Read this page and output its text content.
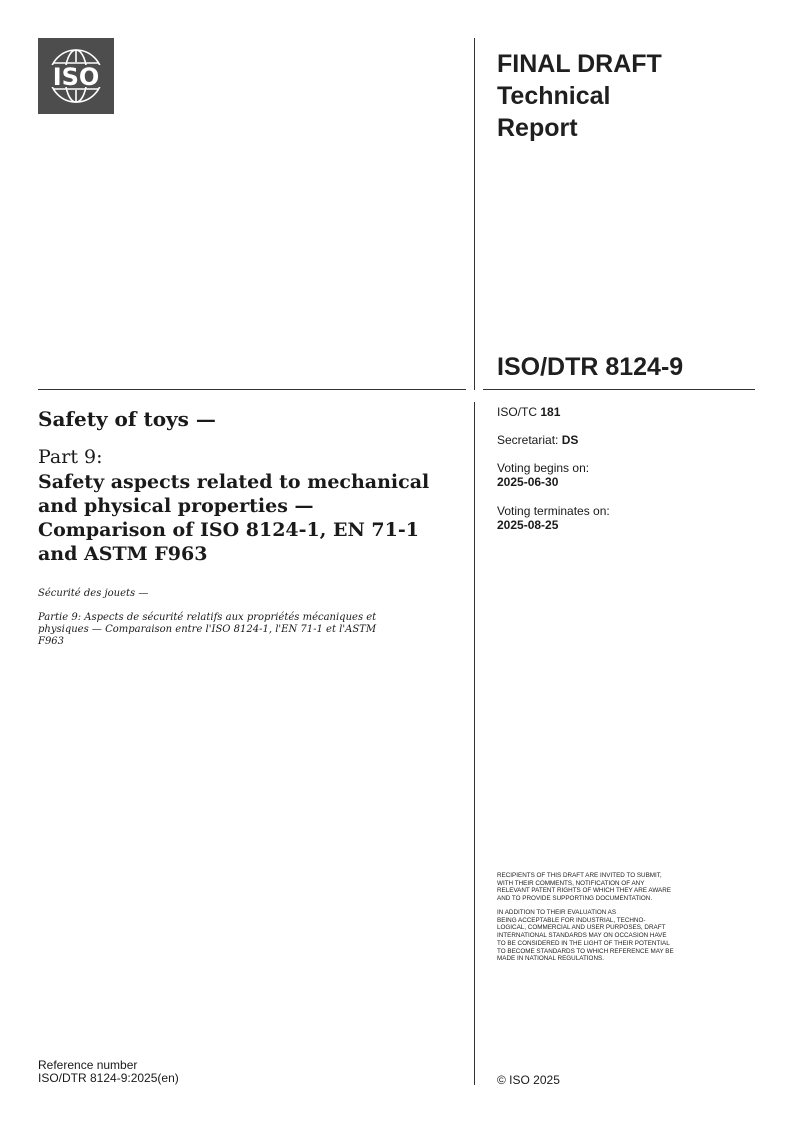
ISO	FINAL DRAFT
Technical
Report
ISO/DTR 8124-9
Safety of toys —
Part 9:
Safety aspects related to mechanical
and physical properties —
Comparison of ISO 8124-1, EN 71-1
and ASTM F963
Sécurité des jouets —
Partie 9: Aspects de sécurité relatifs aux propriétés mécaniques et
physiques — Comparaison entre l'ISO 8124-1, l'EN 71-1 et l'ASTM
F963
ISO/TC 181
Secretariat: DS
Voting begins on:
2025-06-30
Voting terminates on:
2025-08-25
RECIPIENTS OF THIS DRAFT ARE INVITED TO SUBMIT,
WITH THEIR COMMENTS, NOTIFICATION OF ANY
RELEVANT PATENT RIGHTS OF WHICH THEY ARE AWARE
AND TO PROVIDE SUPPORTING DOCUMENTATION.
IN ADDITION TO THEIR EVALUATION AS
BEING ACCEPTABLE FOR INDUSTRIAL, TECHNO-
LOGICAL, COMMERCIAL AND USER PURPOSES, DRAFT
INTERNATIONAL STANDARDS MAY ON OCCASION HAVE
TO BE CONSIDERED IN THE LIGHT OF THEIR POTENTIAL
TO BECOME STANDARDS TO WHICH REFERENCE MAY BE
MADE IN NATIONAL REGULATIONS.
Reference number
ISO/DTR 8124-9:2025(en)	© ISO 2025
